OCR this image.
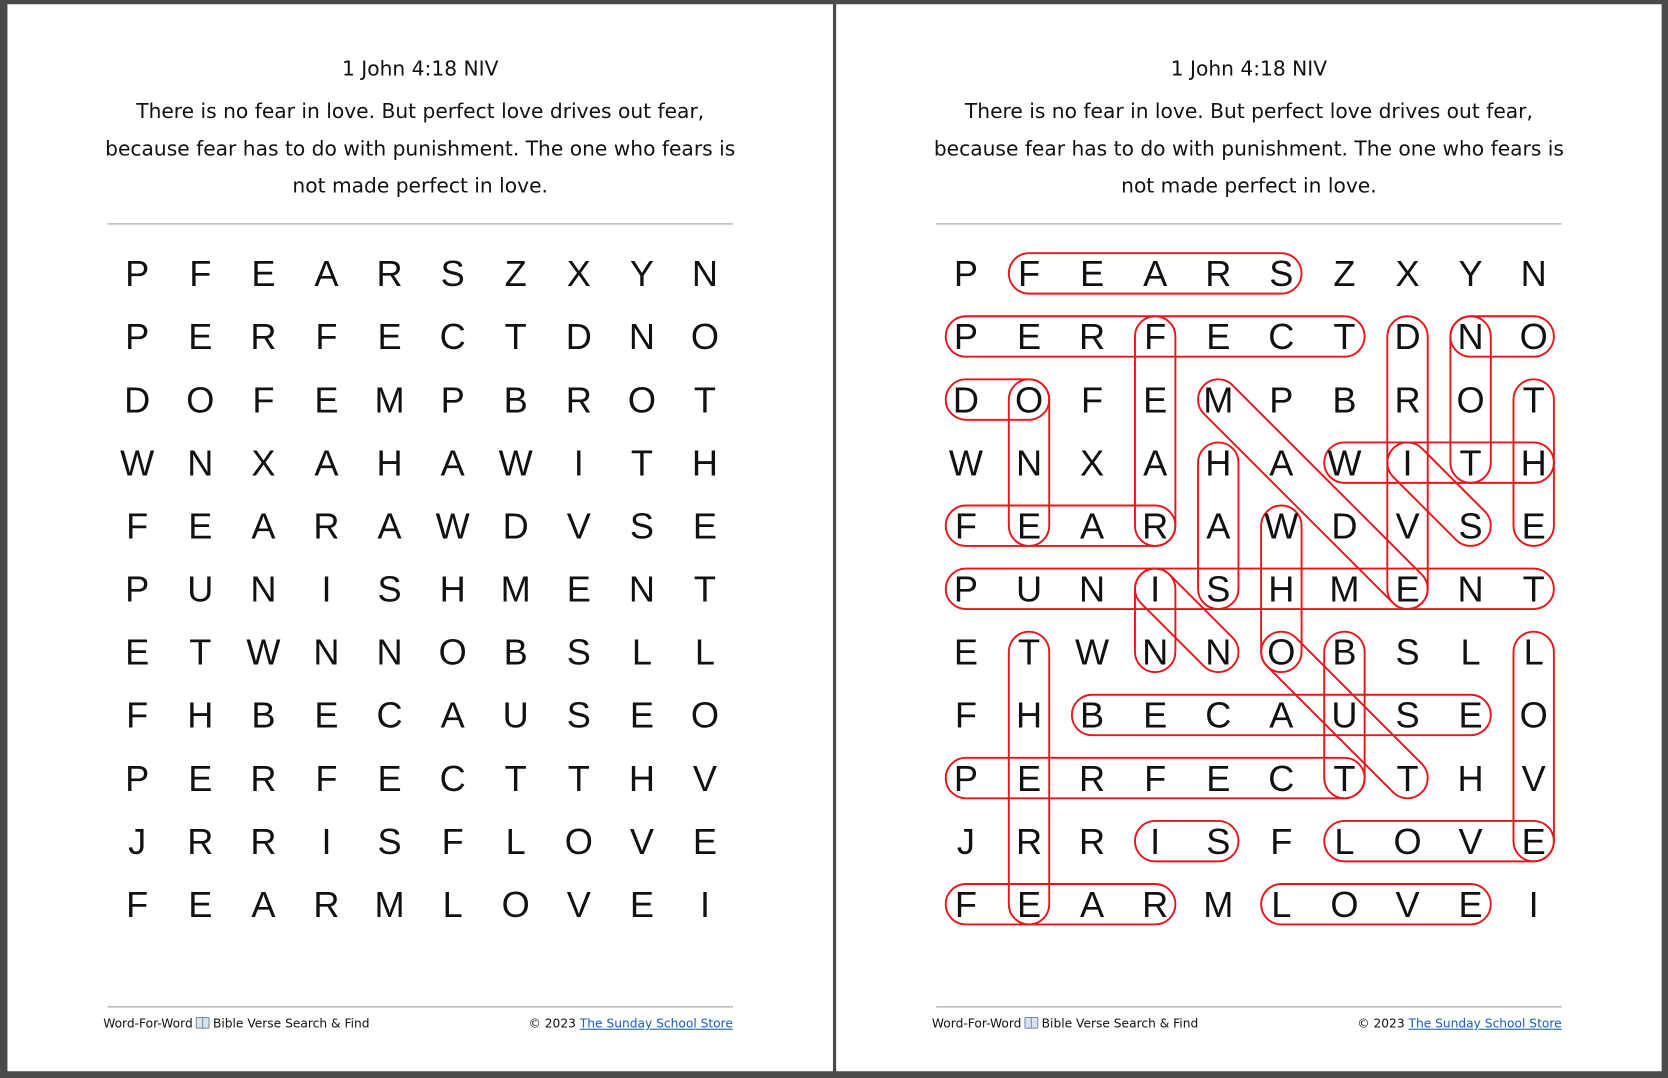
1 John 4:18 NIV
There is no fear in love. But perfect love drives out fear, because fear has to do with punishment. The one who fears is not made perfect in love.
P F E A R S Z X Y N
P E R F E C T D N O
D O F E M P B R O T
W N X A H A W I T H
F E A R A W D V S E
P U N I S H M E N T
E T W N N O B S L L
F H B E C A U S E O
P E R F E C T T H V
J R R I S F L O V E
F E A R M L O V E I
Word-For-Word Bible Verse Search & Find	© 2023 The Sunday School Store
1 John 4:18 NIV
There is no fear in love. But perfect love drives out fear, because fear has to do with punishment. The one who fears is not made perfect in love.
P F E A R S Z X Y N
P E R F E C T D N O
D O F E M P B R O T
W N X A H A W I T H
F E A R A W D V S E
P U N I S H M E N T
E T W N N O B S L L
F H B E C A U S E O
P E R F E C T T H V
J R R I S F L O V E
F E A R M L O V E I
Word-For-Word Bible Verse Search & Find	© 2023 The Sunday School Store
